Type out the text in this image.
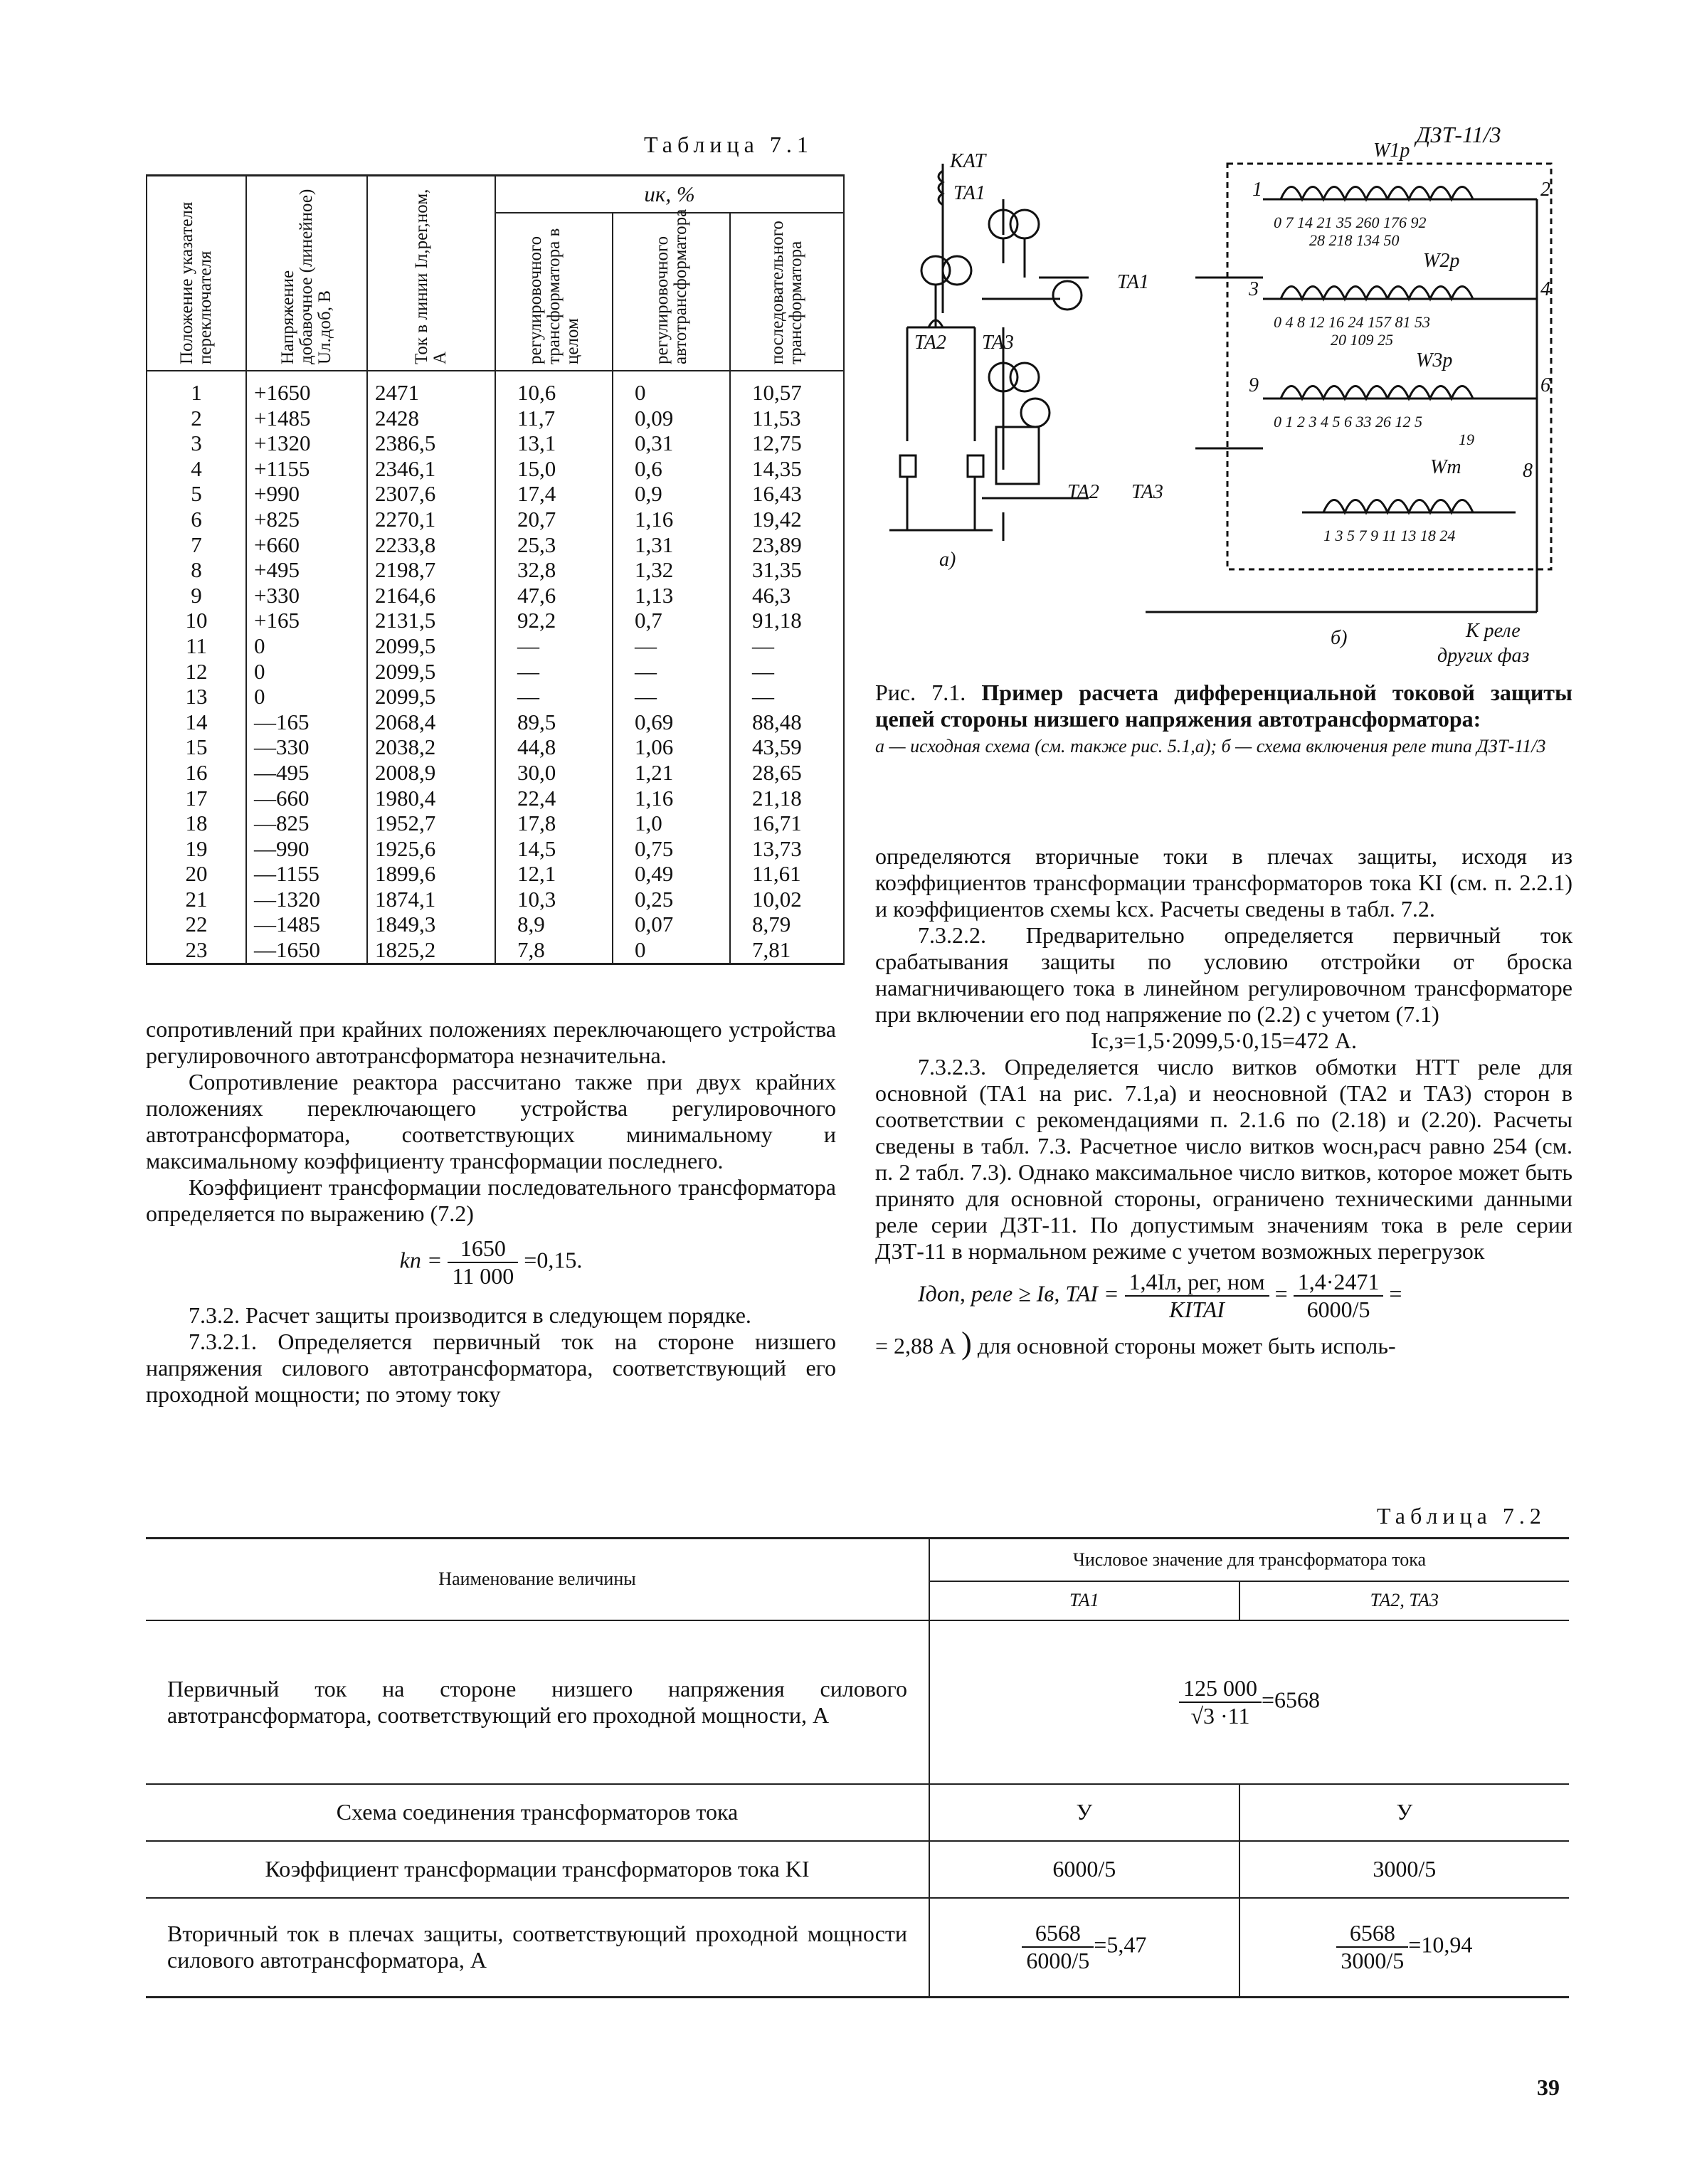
Таблица 7.1
Положение указателя переключателя	Напряжение добавочное (линейное) Uл.доб, В	Ток в линии Iл,рег,ном, А	uк, %		

			регулировочного трансформатора в целом	регулировочного автотрансформатора	последовательного трансформатора

1	+1650	2471	10,6	0	10,57
2	+1485	2428	11,7	0,09	11,53
3	+1320	2386,5	13,1	0,31	12,75
4	+1155	2346,1	15,0	0,6	14,35
5	+990	2307,6	17,4	0,9	16,43
6	+825	2270,1	20,7	1,16	19,42
7	+660	2233,8	25,3	1,31	23,89
8	+495	2198,7	32,8	1,32	31,35
9	+330	2164,6	47,6	1,13	46,3
10	+165	2131,5	92,2	0,7	91,18
11	0	2099,5	—	—	—
12	0	2099,5	—	—	—
13	0	2099,5	—	—	—
14	—165	2068,4	89,5	0,69	88,48
15	—330	2038,2	44,8	1,06	43,59
16	—495	2008,9	30,0	1,21	28,65
17	—660	1980,4	22,4	1,16	21,18
18	—825	1952,7	17,8	1,0	16,71
19	—990	1925,6	14,5	0,75	13,73
20	—1155	1899,6	12,1	0,49	11,61
21	—1320	1874,1	10,3	0,25	10,02
22	—1485	1849,3	8,9	0,07	8,79
23	—1650	1825,2	7,8	0	7,81
сопротивлений при крайних положениях переключающего устройства регулировочного автотрансформатора незначительна.
Сопротивление реактора рассчитано также при двух крайних положениях переключающего устройства регулировочного автотрансформатора, соответствующих минимальному и максимальному коэффициенту трансформации последнего.
Коэффициент трансформации последовательного трансформатора определяется по выражению (7.2)
kп = $\frac{1650}{11 000} =0,15$.
7.3.2. Расчет защиты производится в следующем порядке.
7.3.2.1. Определяется первичный ток на стороне низшего напряжения силового автотрансформатора, соответствующий его проходной мощности; по этому току
КАТ
ТА1
ТА1
ТА2 ТА3
ТА2 ТА3
а)
ДЗТ-11/3
1	2
3	4
9	6
8
W1р
W2р
W3р
Wт
0 7 14 21 35 260 176 92
28 218 134 50
0 4 8 12 16 24 157 81 53
20 109 25
0 1 2 3 4 5 6 33 26 12 5
19
1 3 5 7 9 11 13 18 24
б)	К реле
других фаз
Рис. 7.1. Пример расчета дифференциальной токовой защиты цепей стороны низшего напряжения автотрансформатора:
а — исходная схема (см. также рис. 5.1,а); б — схема включения реле типа ДЗТ-11/3
определяются вторичные токи в плечах защиты, исходя из коэффициентов трансформации трансформаторов тока KI (см. п. 2.2.1) и коэффициентов схемы kсх. Расчеты сведены в табл. 7.2.
7.3.2.2. Предварительно определяется первичный ток срабатывания защиты по условию отстройки от броска намагничивающего тока в линейном регулировочном трансформаторе при включении его под напряжение по (2.2) с учетом (7.1)
Iс,з=1,5·2099,5·0,15=472 А.
7.3.2.3. Определяется число витков обмотки НТТ реле для основной (ТА1 на рис. 7.1,а) и неосновной (ТА2 и ТА3) сторон в соответствии с рекомендациями п. 2.1.6 по (2.18) и (2.20). Расчеты сведены в табл. 7.3. Расчетное число витков wосн,расч равно 254 (см. п. 2 табл. 7.3). Однако максимальное число витков, которое может быть принято для основной стороны, ограничено техническими данными реле серии ДЗТ-11. По допустимым значениям тока в реле серии ДЗТ-11 в нормальном режиме с учетом возможных перегрузок
Iдоп, реле ≥ Iв, TAI = $\frac{\text{1,4Iл, рег, ном}}{\text{KITAI}} = \frac{1,4\cdot 2471}{6000/5}$ =
= 2,88 А ) для основной стороны может быть исполь-
Таблица 7.2
Наименование величины	Числовое значение для трансформатора тока	
	ТА1	ТА2, ТА3
Первичный ток на стороне низшего напряжения силового автотрансформатора, соответствующий его проходной мощности, А	$\frac{125 000}{√3 \cdot 11} =6568$	
Схема соединения трансформаторов тока	У	У
Коэффициент трансформации трансформаторов тока KI	6000/5	3000/5
Вторичный ток в плечах защиты, соответствующий проходной мощности силового автотрансформатора, А	$\frac{6568}{6000/5} =5,47$	$\frac{6568}{3000/5} =10,94$
39
